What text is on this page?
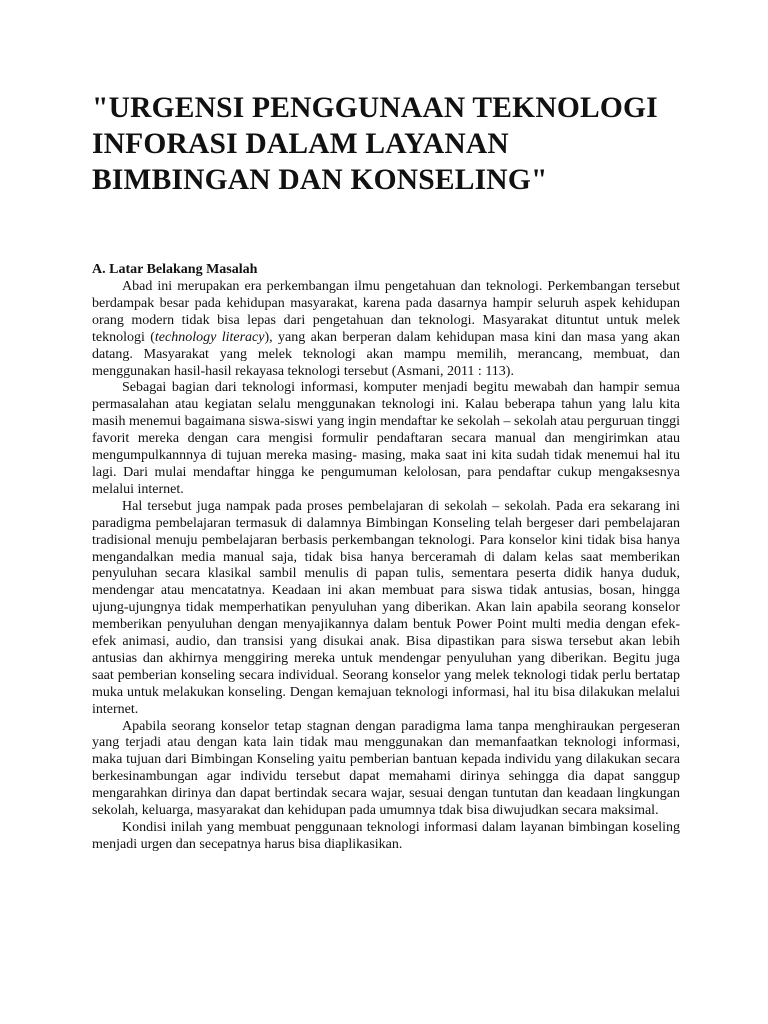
"URGENSI PENGGUNAAN TEKNOLOGI INFORASI DALAM LAYANAN BIMBINGAN DAN KONSELING"
A. Latar Belakang Masalah

Abad ini merupakan era perkembangan ilmu pengetahuan dan teknologi. Perkembangan tersebut berdampak besar pada kehidupan masyarakat, karena pada dasarnya hampir seluruh aspek kehidupan orang modern tidak bisa lepas dari pengetahuan dan teknologi. Masyarakat dituntut untuk melek teknologi (technology literacy), yang akan berperan dalam kehidupan masa kini dan masa yang akan datang. Masyarakat yang melek teknologi akan mampu memilih, merancang, membuat, dan menggunakan hasil-hasil rekayasa teknologi tersebut (Asmani, 2011 : 113).

Sebagai bagian dari teknologi informasi, komputer menjadi begitu mewabah dan hampir semua permasalahan atau kegiatan selalu menggunakan teknologi ini. Kalau beberapa tahun yang lalu kita masih menemui bagaimana siswa-siswi yang ingin mendaftar ke sekolah – sekolah atau perguruan tinggi favorit mereka dengan cara mengisi formulir pendaftaran secara manual dan mengirimkan atau mengumpulkannnya di tujuan mereka masing- masing, maka saat ini kita sudah tidak menemui hal itu lagi. Dari mulai mendaftar hingga ke pengumuman kelolosan, para pendaftar cukup mengaksesnya melalui internet.

Hal tersebut juga nampak pada proses pembelajaran di sekolah – sekolah. Pada era sekarang ini paradigma pembelajaran termasuk di dalamnya Bimbingan Konseling telah bergeser dari pembelajaran tradisional menuju pembelajaran berbasis perkembangan teknologi. Para konselor kini tidak bisa hanya mengandalkan media manual saja, tidak bisa hanya berceramah di dalam kelas saat memberikan penyuluhan secara klasikal sambil menulis di papan tulis, sementara peserta didik hanya duduk, mendengar atau mencatatnya. Keadaan ini akan membuat para siswa tidak antusias, bosan, hingga ujung-ujungnya tidak memperhatikan penyuluhan yang diberikan. Akan lain apabila seorang konselor memberikan penyuluhan dengan menyajikannya dalam bentuk Power Point multi media dengan efek-efek animasi, audio, dan transisi yang disukai anak. Bisa dipastikan para siswa tersebut akan lebih antusias dan akhirnya menggiring mereka untuk mendengar penyuluhan yang diberikan. Begitu juga saat pemberian konseling secara individual. Seorang konselor yang melek teknologi tidak perlu bertatap muka untuk melakukan konseling. Dengan kemajuan teknologi informasi, hal itu bisa dilakukan melalui internet.

Apabila seorang konselor tetap stagnan dengan paradigma lama tanpa menghiraukan pergeseran yang terjadi atau dengan kata lain tidak mau menggunakan dan memanfaatkan teknologi informasi, maka tujuan dari Bimbingan Konseling yaitu pemberian bantuan kepada individu yang dilakukan secara berkesinambungan agar individu tersebut dapat memahami dirinya sehingga dia dapat sanggup mengarahkan dirinya dan dapat bertindak secara wajar, sesuai dengan tuntutan dan keadaan lingkungan sekolah, keluarga, masyarakat dan kehidupan pada umumnya tdak bisa diwujudkan secara maksimal.

Kondisi inilah yang membuat penggunaan teknologi informasi dalam layanan bimbingan koseling menjadi urgen dan secepatnya harus bisa diaplikasikan.
